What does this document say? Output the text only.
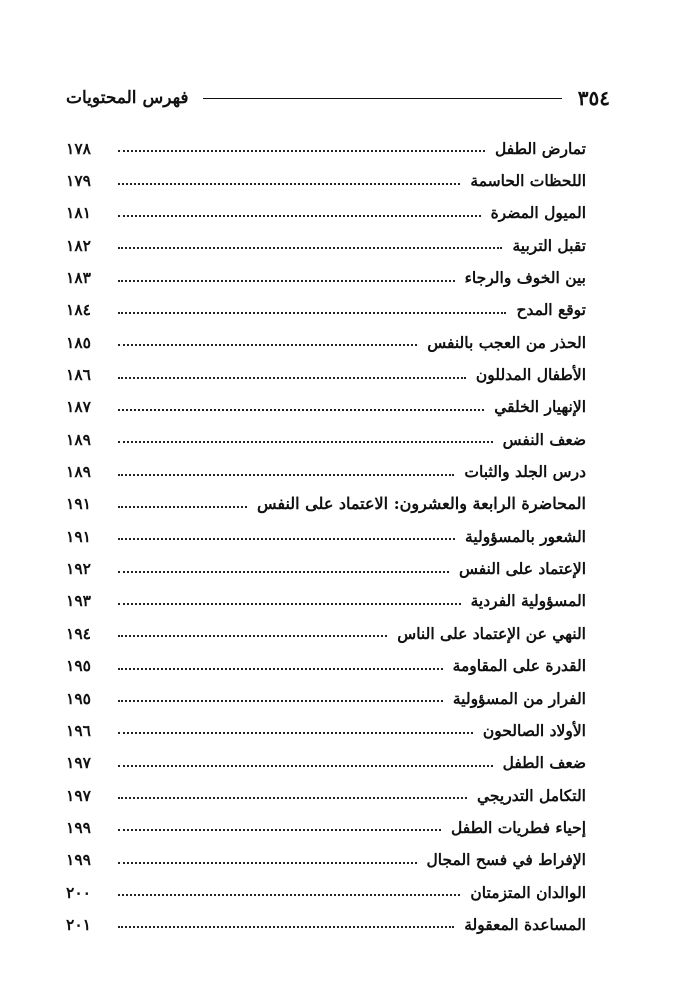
٣٥٤
فهرس المحتويات
تمارض الطفل
١٧٨
اللحظات الحاسمة
١٧٩
الميول المضرة
١٨١
تقبل التربية
١٨٢
بين الخوف والرجاء
١٨٣
توقع المدح
١٨٤
الحذر من العجب بالنفس
١٨٥
الأطفال المدللون
١٨٦
الإنهيار الخلقي
١٨٧
ضعف النفس
١٨٩
درس الجلد والثبات
١٨٩
المحاضرة الرابعة والعشرون: الاعتماد على النفس
١٩١
الشعور بالمسؤولية
١٩١
الإعتماد على النفس
١٩٢
المسؤولية الفردية
١٩٣
النهي عن الإعتماد على الناس
١٩٤
القدرة على المقاومة
١٩٥
الفرار من المسؤولية
١٩٥
الأولاد الصالحون
١٩٦
ضعف الطفل
١٩٧
التكامل التدريجي
١٩٧
إحياء فطريات الطفل
١٩٩
الإفراط في فسح المجال
١٩٩
الوالدان المتزمتان
٢٠٠
المساعدة المعقولة
٢٠١
